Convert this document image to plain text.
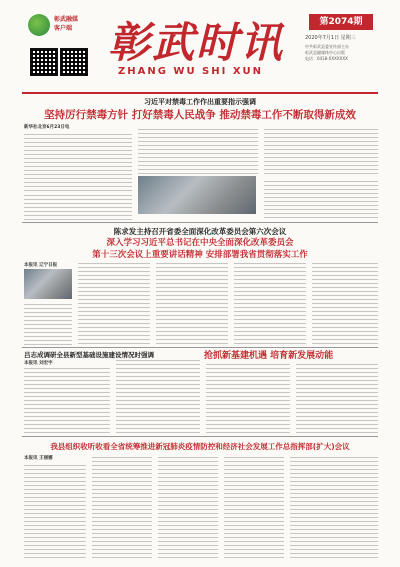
彰武融媒
客户端 彰武时讯
ZHANG WU SHI XUN
第2074期
2020年7月1日 星期三
中共彰武县委宣传部主办
彰武县融媒体中心出版
电话：0418-XXXXXXX
习近平对禁毒工作作出重要指示强调
坚持厉行禁毒方针 打好禁毒人民战争 推动禁毒工作不断取得新成效
新华社北京6月23日电
陈求发主持召开省委全面深化改革委员会第六次会议
深入学习习近平总书记在中央全面深化改革委员会
第十三次会议上重要讲话精神 安排部署我省贯彻落实工作
本报讯 辽宁日报
吕志成调研全县新型基础设施建设情况时强调	抢抓新基建机遇 培育新发展动能
本报讯 刘宏宇
我县组织收听收看全省统筹推进新冠肺炎疫情防控和经济社会发展工作总指挥部(扩大)会议
本报讯 王丽娜
